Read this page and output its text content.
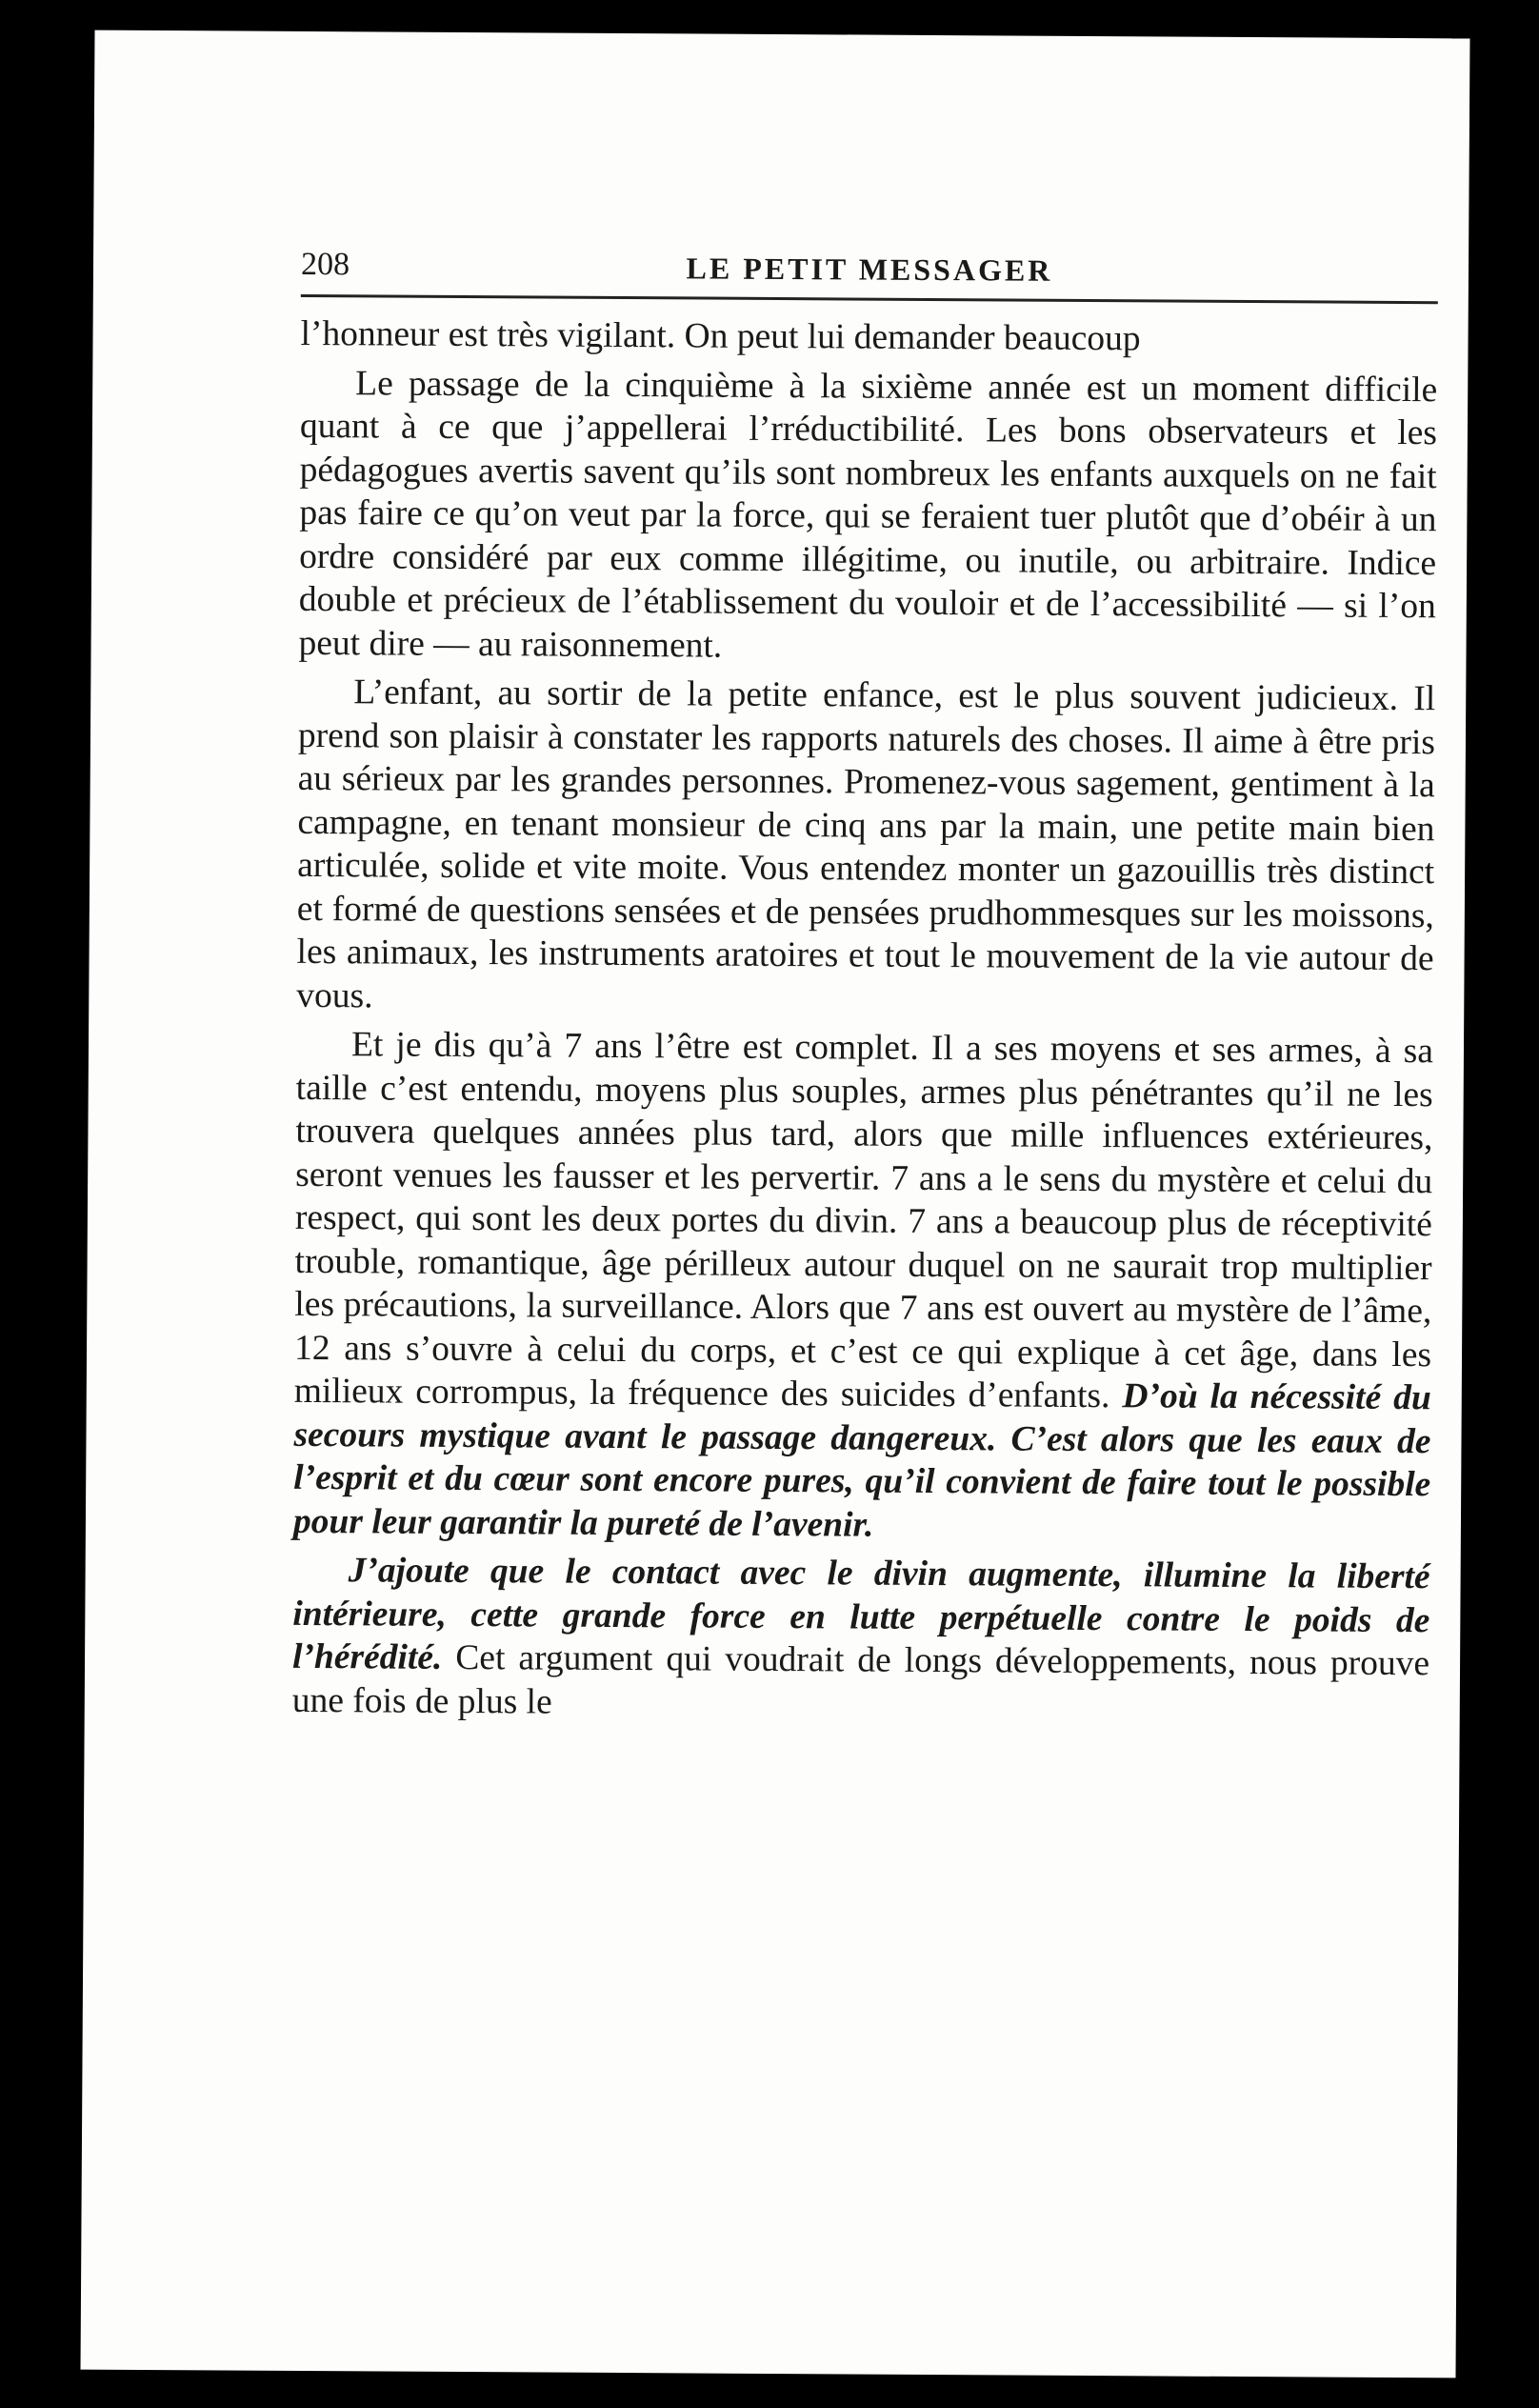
208	LE PETIT MESSAGER

l’honneur est très vigilant. On peut lui demander beaucoup

Le passage de la cinquième à la sixième année est un moment difficile quant à ce que j’appellerai l’rréductibilité. Les bons observateurs et les pédagogues avertis savent qu’ils sont nombreux les enfants auxquels on ne fait pas faire ce qu’on veut par la force, qui se feraient tuer plutôt que d’obéir à un ordre considéré par eux comme illégitime, ou inutile, ou arbitraire. Indice double et précieux de l’établissement du vouloir et de l’accessibilité — si l’on peut dire — au raisonnement.

L’enfant, au sortir de la petite enfance, est le plus souvent judicieux. Il prend son plaisir à constater les rapports naturels des choses. Il aime à être pris au sérieux par les grandes personnes. Promenez-vous sagement, gentiment à la campagne, en tenant monsieur de cinq ans par la main, une petite main bien articulée, solide et vite moite. Vous entendez monter un gazouillis très distinct et formé de questions sensées et de pensées prudhommesques sur les moissons, les animaux, les instruments aratoires et tout le mouvement de la vie autour de vous.

Et je dis qu’à 7 ans l’être est complet. Il a ses moyens et ses armes, à sa taille c’est entendu, moyens plus souples, armes plus pénétrantes qu’il ne les trouvera quelques années plus tard, alors que mille influences extérieures, seront venues les fausser et les pervertir. 7 ans a le sens du mystère et celui du respect, qui sont les deux portes du divin. 7 ans a beaucoup plus de réceptivité trouble, romantique, âge périlleux autour duquel on ne saurait trop multiplier les précautions, la surveillance. Alors que 7 ans est ouvert au mystère de l’âme, 12 ans s’ouvre à celui du corps, et c’est ce qui explique à cet âge, dans les milieux corrompus, la fréquence des suicides d’enfants. D’où la nécessité du secours mystique avant le passage dangereux. C’est alors que les eaux de l’esprit et du cœur sont encore pures, qu’il convient de faire tout le possible pour leur garantir la pureté de l’avenir.

J’ajoute que le contact avec le divin augmente, illumine la liberté intérieure, cette grande force en lutte perpétuelle contre le poids de l’hérédité. Cet argument qui voudrait de longs développements, nous prouve une fois de plus le
